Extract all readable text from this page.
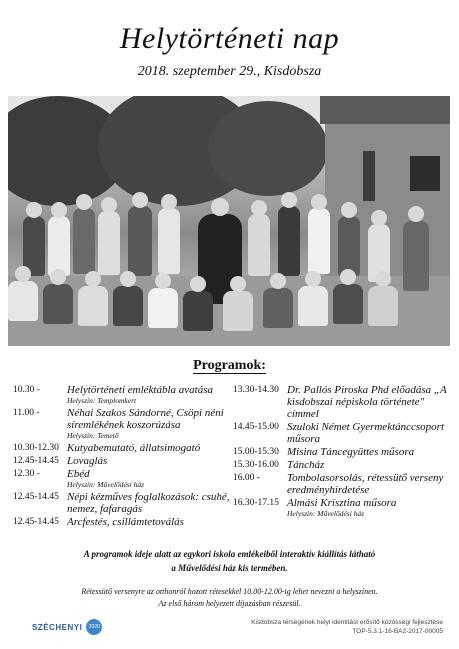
Helytörténeti nap
2018. szeptember 29., Kisdobsza
Programok:
10.30 - Helytörténeti emléktábla avatása
Helyszín: Templomkert
11.00 - Néhai Szakos Sándorné, Csöpi néni síremlékének koszorúzása
Helyszín: Temető
10.30-12.30 Kutyabemutató, állatsimogató
12.45-14.45 Lovaglás
12.30 - Ebéd
Helyszín: Művelődési ház
12.45-14.45 Népi kézműves foglalkozások: csuhé, nemez, fafaragás
12.45-14.45 Arcfestés, csillámtetoválás
13.30-14.30 Dr. Pallós Piroska Phd előadása „A kisdobszai népiskola története" címmel
14.45-15.00 Szuloki Német Gyermektánccsoport műsora
15.00-15.30 Misina Táncegyüttes műsora
15.30-16.00 Táncház
16.00 - Tombolasorsolás, rétessütő verseny eredményhirdetése
16.30-17.15 Almási Krisztina műsora
Helyszín: Művelődési ház
A programok ideje alatt az egykori iskola emlékeiből interaktív kiállítás látható
a Művelődési ház kis termében.
Rétessütő versenyre az otthonról hozott rétesekkel 10.00-12.00-ig lehet nevezni a helyszínen.
Az első három helyezett díjazásban részesül.
SZÉCHENYI	2020
Kisdobsza térségének helyi identitást erősítő közösségi fejlesztése
TOP-5.3.1-16-BA2-2017-00005
